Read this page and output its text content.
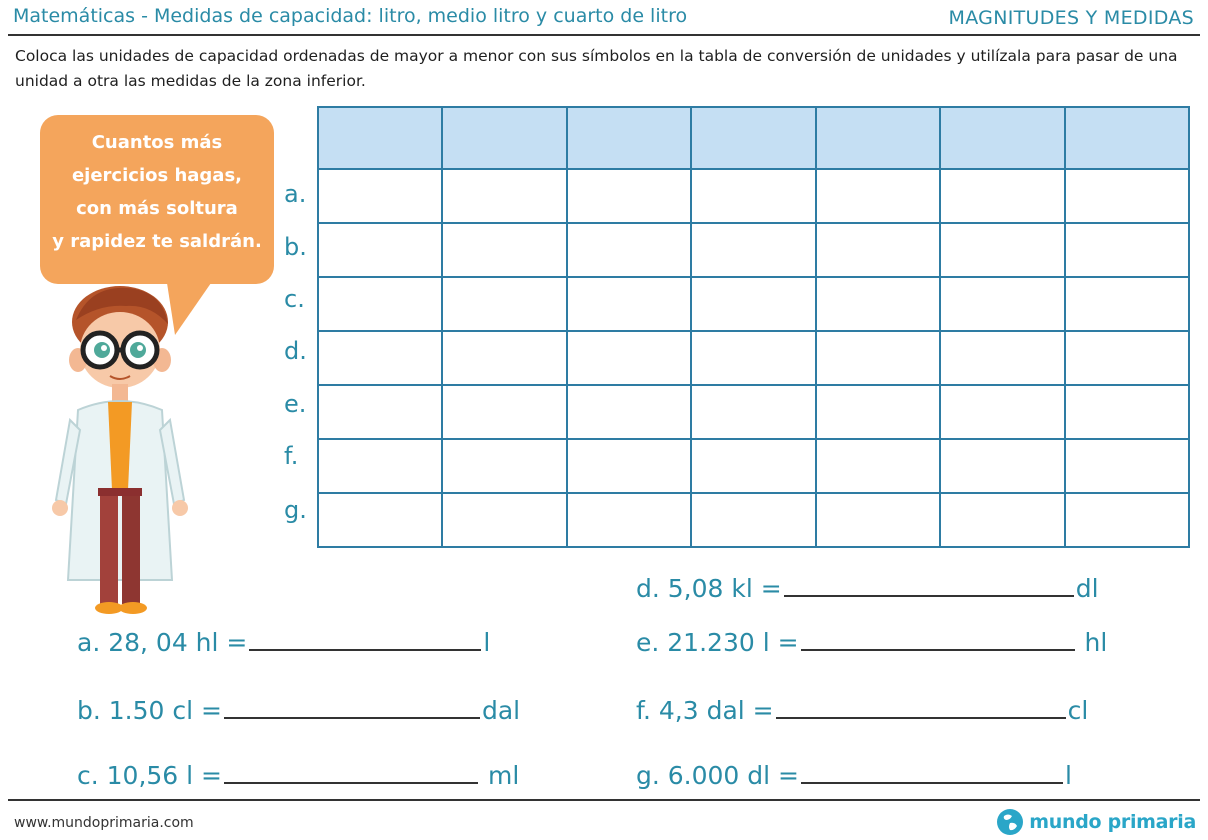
Matemáticas - Medidas de capacidad: litro, medio litro y cuarto de litro	MAGNITUDES Y MEDIDAS
Coloca las unidades de capacidad ordenadas de mayor a menor con sus símbolos en la tabla de conversión de unidades y utilízala para pasar de una unidad a otra las medidas de la zona inferior.
Cuantos más
ejercicios hagas,
con más soltura
y rapidez te saldrán.
a.
b.
c.
d.
e.
f.
g.

a. 28, 04 hl =	l
b. 1.50 cl =	dal
c. 10,56 l =	ml
d. 5,08 kl =	dl
e. 21.230 l =	hl
f. 4,3 dal =	cl
g. 6.000 dl =	l
www.mundoprimaria.com	mundo primaria
